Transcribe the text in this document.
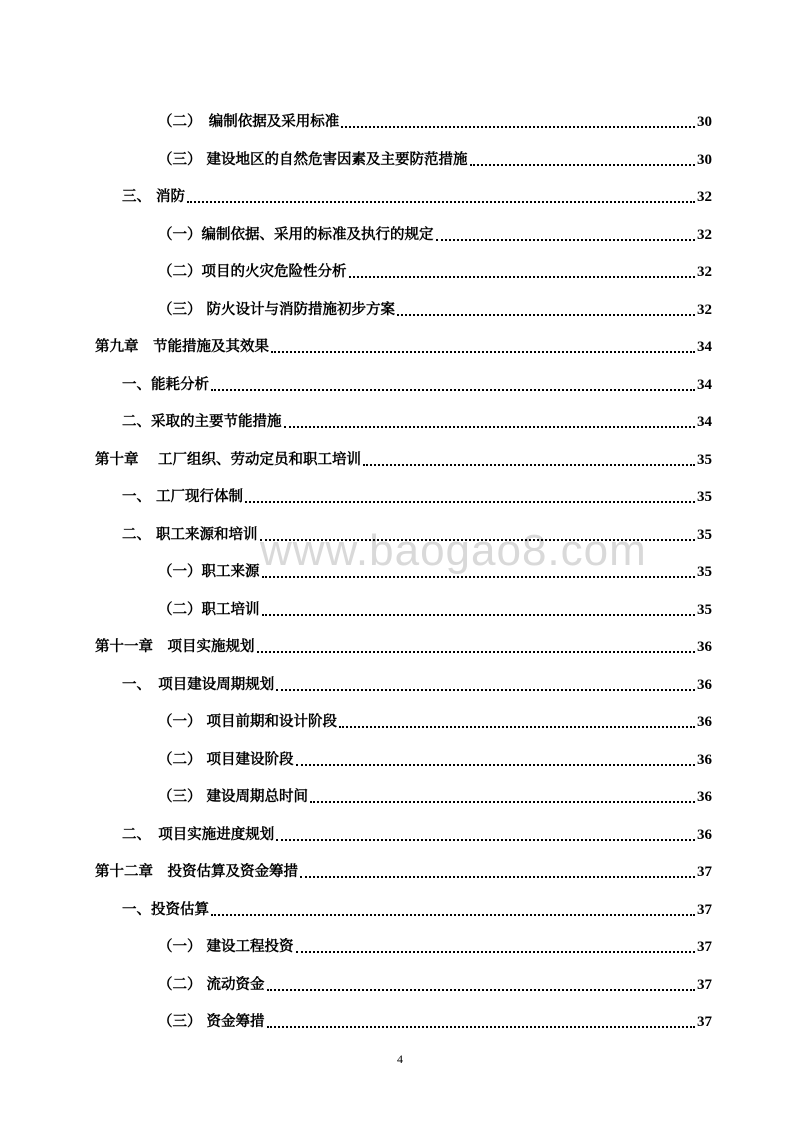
www.baogao8.com
（二）　编制依据及采用标准	30
（三） 建设地区的自然危害因素及主要防范措施	30
三、 消防	32
（一）编制依据、采用的标准及执行的规定	32
（二）项目的火灾危险性分析	32
（三） 防火设计与消防措施初步方案	32
第九章　节能措施及其效果	34
一、能耗分析	34
二、采取的主要节能措施	34
第十章　 工厂组织、劳动定员和职工培训	35
一、 工厂现行体制	35
二、 职工来源和培训	35
（一）职工来源	35
（二）职工培训	35
第十一章　项目实施规划	36
一、　项目建设周期规划	36
（一） 项目前期和设计阶段	36
（二） 项目建设阶段	36
（三） 建设周期总时间	36
二、　项目实施进度规划	36
第十二章　投资估算及资金筹措	37
一、投资估算	37
（一） 建设工程投资	37
（二） 流动资金	37
（三） 资金筹措	37
4
